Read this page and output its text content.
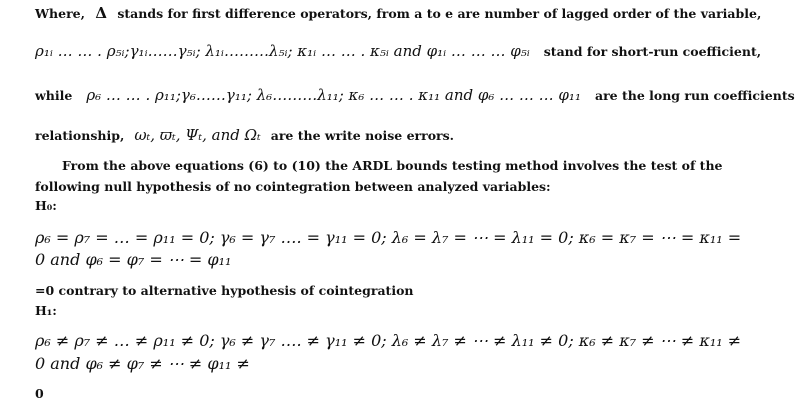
Where, Δ stands for first difference operators, from a to e are number of lagged order of the variable,
ρ₁ᵢ … … . ρ₅ᵢ;γ₁ᵢ……γ₅ᵢ; λ₁ᵢ………λ₅ᵢ; κ₁ᵢ … … . κ₅ᵢ and φ₁ᵢ … … … φ₅ᵢ stand for short-run coefficient,
while ρ₆ … … . ρ₁₁;γ₆……γ₁₁; λ₆………λ₁₁; κ₆ … … . κ₁₁ and φ₆ … … … φ₁₁ are the long run coefficients
relationship, ωₜ, ϖₜ, Ψₜ, and Ωₜ are the write noise errors.
From the above equations (6) to (10) the ARDL bounds testing method involves the test of the
following null hypothesis of no cointegration between analyzed variables:
H₀:
ρ₆ = ρ₇ = … = ρ₁₁ = 0; γ₆ = γ₇ …. = γ₁₁ = 0; λ₆ = λ₇ = ⋯ = λ₁₁ = 0; κ₆ = κ₇ = ⋯ = κ₁₁ =
0 and φ₆ = φ₇ = ⋯ = φ₁₁
=0 contrary to alternative hypothesis of cointegration
H₁:
ρ₆ ≠ ρ₇ ≠ … ≠ ρ₁₁ ≠ 0; γ₆ ≠ γ₇ …. ≠ γ₁₁ ≠ 0; λ₆ ≠ λ₇ ≠ ⋯ ≠ λ₁₁ ≠ 0; κ₆ ≠ κ₇ ≠ ⋯ ≠ κ₁₁ ≠
0 and φ₆ ≠ φ₇ ≠ ⋯ ≠ φ₁₁ ≠
0
